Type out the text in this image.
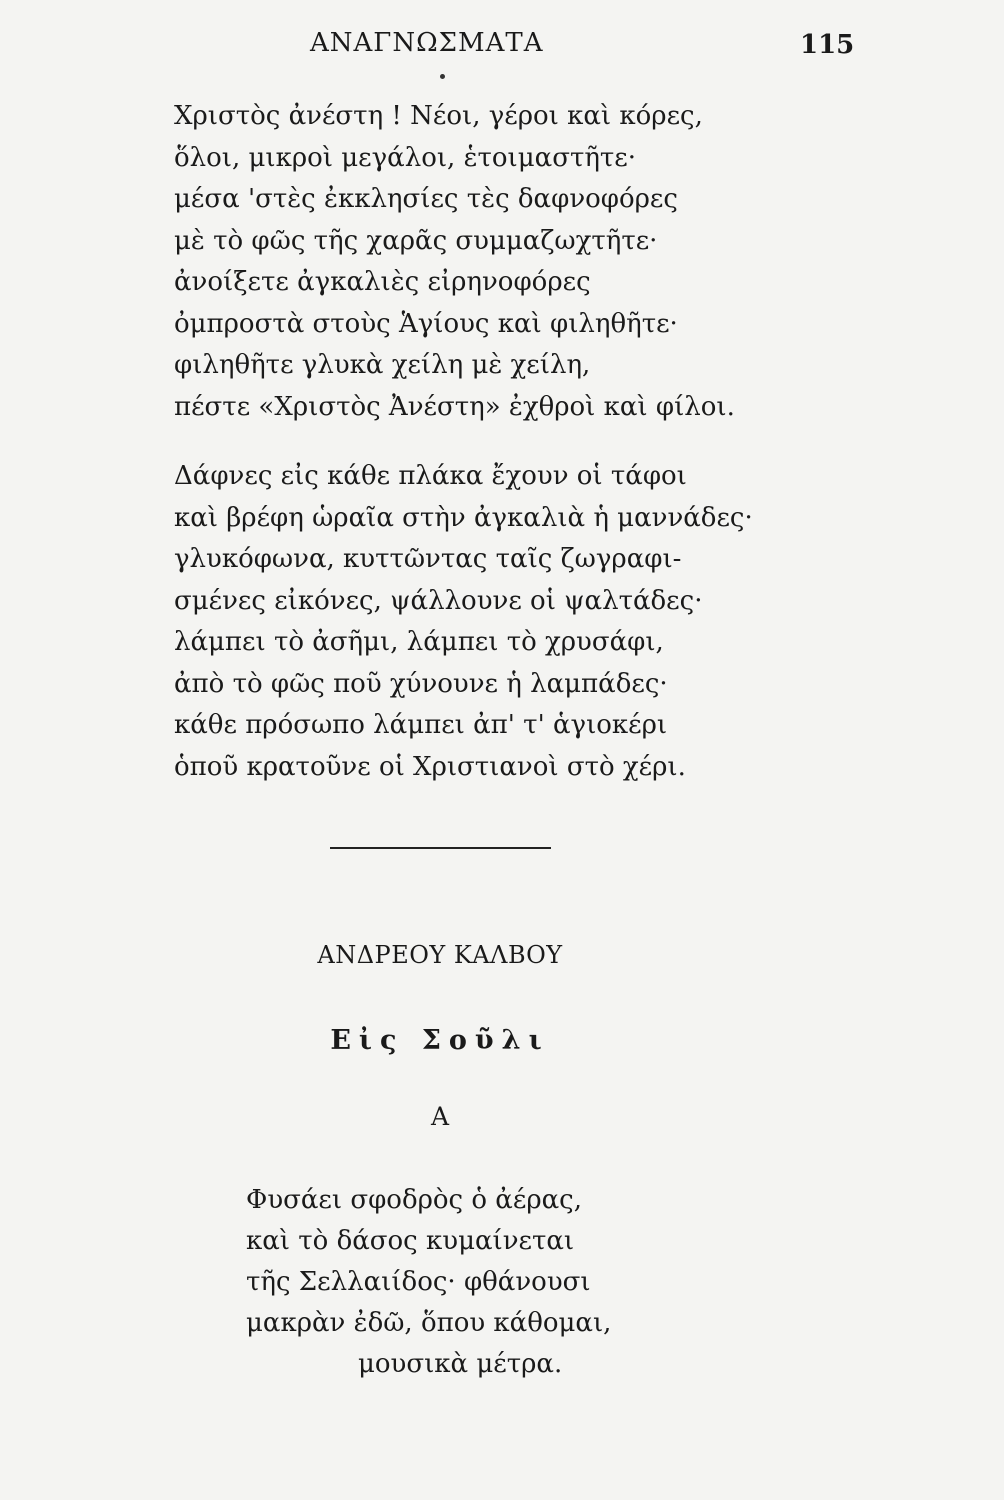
ΑΝΑΓΝΩΣΜΑΤΑ	115
Χριστὸς ἀνέστη ! Νέοι, γέροι καὶ κόρες,
ὅλοι, μικροὶ μεγάλοι, ἑτοιμαστῆτε·
μέσα 'στὲς ἐκκλησίες τὲς δαφνοφόρες
μὲ τὸ φῶς τῆς χαρᾶς συμμαζωχτῆτε·
ἀνοίξετε ἀγκαλιὲς εἰρηνοφόρες
ὀμπροστὰ στοὺς Ἁγίους καὶ φιληθῆτε·
φιληθῆτε γλυκὰ χείλη μὲ χείλη,
πέστε «Χριστὸς Ἀνέστη» ἐχθροὶ καὶ φίλοι.
Δάφνες εἰς κάθε πλάκα ἔχουν οἱ τάφοι
καὶ βρέφη ὡραῖα στὴν ἀγκαλιὰ ἡ μαννάδες·
γλυκόφωνα, κυττῶντας ταῖς ζωγραφι-
σμένες εἰκόνες, ψάλλουνε οἱ ψαλτάδες·
λάμπει τὸ ἀσῆμι, λάμπει τὸ χρυσάφι,
ἀπὸ τὸ φῶς ποῦ χύνουνε ἡ λαμπάδες·
κάθε πρόσωπο λάμπει ἀπ' τ' ἁγιοκέρι
ὁποῦ κρατοῦνε οἱ Χριστιανοὶ στὸ χέρι.
ΑΝΔΡΕΟΥ ΚΑΛΒΟΥ
Εἰς Σοῦλι
Α
Φυσάει σφοδρὸς ὁ ἀέρας,
καὶ τὸ δάσος κυμαίνεται
τῆς Σελλαιίδος· φθάνουσι
μακρὰν ἐδῶ, ὅπου κάθομαι,
μουσικὰ μέτρα.
